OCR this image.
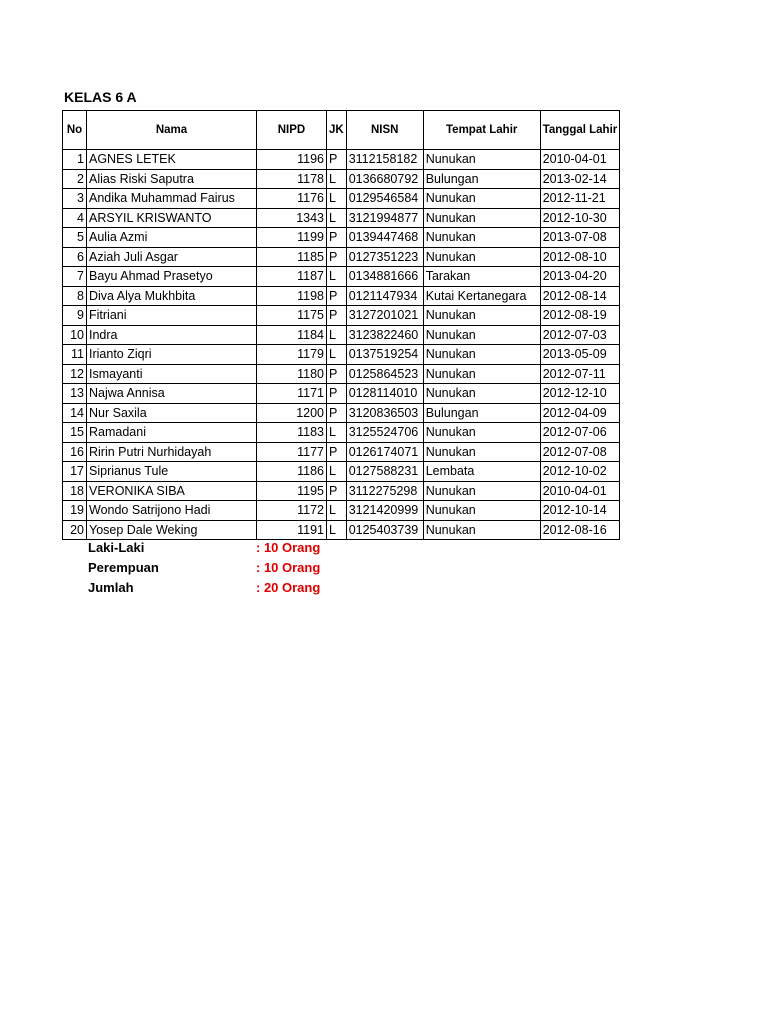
KELAS 6 A
No	Nama	NIPD	JK	NISN	Tempat Lahir	Tanggal Lahir
1	AGNES LETEK	1196	P	3112158182	Nunukan	2010-04-01
2	Alias Riski Saputra	1178	L	0136680792	Bulungan	2013-02-14
3	Andika Muhammad Fairus	1176	L	0129546584	Nunukan	2012-11-21
4	ARSYIL KRISWANTO	1343	L	3121994877	Nunukan	2012-10-30
5	Aulia Azmi	1199	P	0139447468	Nunukan	2013-07-08
6	Aziah Juli Asgar	1185	P	0127351223	Nunukan	2012-08-10
7	Bayu Ahmad Prasetyo	1187	L	0134881666	Tarakan	2013-04-20
8	Diva Alya Mukhbita	1198	P	0121147934	Kutai Kertanegara	2012-08-14
9	Fitriani	1175	P	3127201021	Nunukan	2012-08-19
10	Indra	1184	L	3123822460	Nunukan	2012-07-03
11	Irianto Ziqri	1179	L	0137519254	Nunukan	2013-05-09
12	Ismayanti	1180	P	0125864523	Nunukan	2012-07-11
13	Najwa Annisa	1171	P	0128114010	Nunukan	2012-12-10
14	Nur Saxila	1200	P	3120836503	Bulungan	2012-04-09
15	Ramadani	1183	L	3125524706	Nunukan	2012-07-06
16	Ririn Putri Nurhidayah	1177	P	0126174071	Nunukan	2012-07-08
17	Siprianus Tule	1186	L	0127588231	Lembata	2012-10-02
18	VERONIKA SIBA	1195	P	3112275298	Nunukan	2010-04-01
19	Wondo Satrijono Hadi	1172	L	3121420999	Nunukan	2012-10-14
20	Yosep Dale Weking	1191	L	0125403739	Nunukan	2012-08-16
Laki-Laki	: 10 Orang
Perempuan	: 10 Orang
Jumlah	: 20 Orang
